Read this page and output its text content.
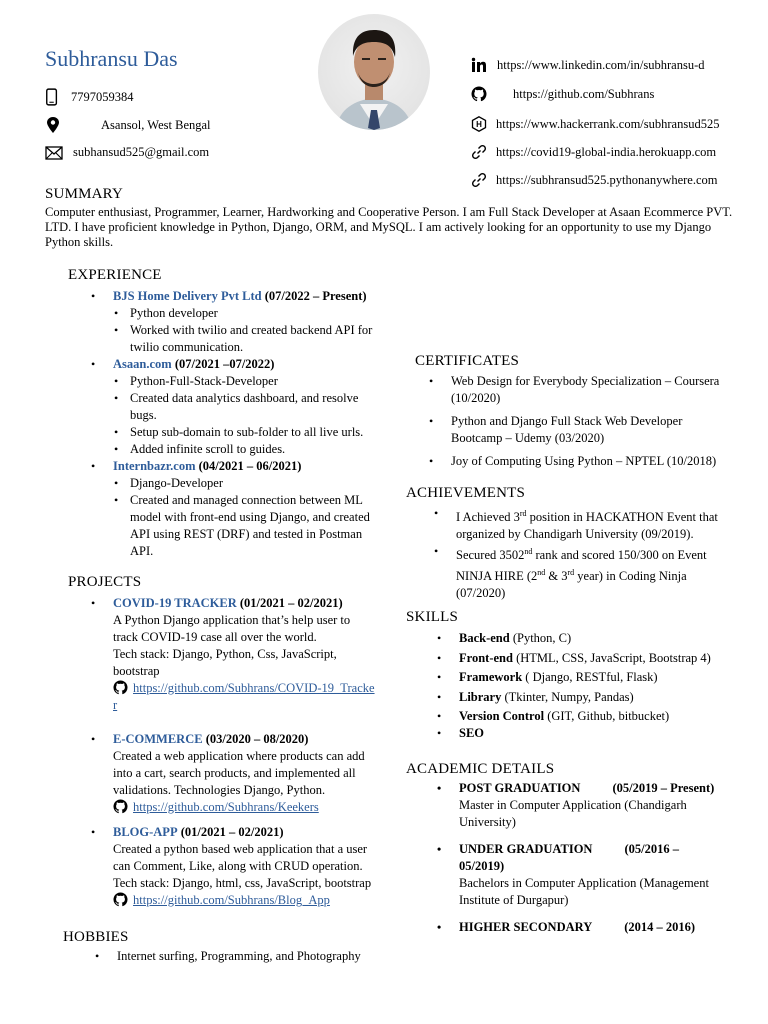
Subhransu Das
7797059384
Asansol, West Bengal
subhansud525@gmail.com
https://www.linkedin.com/in/subhransu-d
https://github.com/Subhrans
H https://www.hackerrank.com/subhransud525
https://covid19-global-india.herokuapp.com
https://subhransud525.pythonanywhere.com
SUMMARY
Computer enthusiast, Programmer, Learner, Hardworking and Cooperative Person. I am Full Stack Developer at Asaan Ecommerce PVT. LTD. I have proficient knowledge in Python, Django, ORM, and MySQL. I am actively looking for an opportunity to use my Django Python skills.
EXPERIENCE
• BJS Home Delivery Pvt Ltd (07/2022 – Present)
• Python developer
• Worked with twilio and created backend API for twilio communication.
• Asaan.com (07/2021 –07/2022)
• Python-Full-Stack-Developer
• Created data analytics dashboard, and resolve bugs.
• Setup sub-domain to sub-folder to all live urls.
• Added infinite scroll to guides.
• Internbazr.com (04/2021 – 06/2021)
• Django-Developer
• Created and managed connection between ML model with front-end using Django, and created API using REST (DRF) and tested in Postman API.
PROJECTS
• COVID-19 TRACKER (01/2021 – 02/2021)
A Python Django application that’s help user to track COVID-19 case all over the world.
Tech stack: Django, Python, Css, JavaScript, bootstrap
https://github.com/Subhrans/COVID-19_Tracker
• E-COMMERCE (03/2020 – 08/2020)
Created a web application where products can add into a cart, search products, and implemented all validations. Technologies Django, Python.
https://github.com/Subhrans/Keekers
• BLOG-APP (01/2021 – 02/2021)
Created a python based web application that a user can Comment, Like, along with CRUD operation.
Tech stack: Django, html, css, JavaScript, bootstrap
https://github.com/Subhrans/Blog_App
HOBBIES
• Internet surfing, Programming, and Photography
CERTIFICATES
• Web Design for Everybody Specialization – Coursera (10/2020)
• Python and Django Full Stack Web Developer Bootcamp – Udemy (03/2020)
• Joy of Computing Using Python – NPTEL (10/2018)
ACHIEVEMENTS
• I Achieved 3rd position in HACKATHON Event that organized by Chandigarh University (09/2019).
• Secured 3502nd rank and scored 150/300 on Event NINJA HIRE (2nd & 3rd year) in Coding Ninja (07/2020)
SKILLS
• Back-end (Python, C)
• Front-end (HTML, CSS, JavaScript, Bootstrap 4)
• Framework ( Django, RESTful, Flask)
• Library (Tkinter, Numpy, Pandas)
• Version Control (GIT, Github, bitbucket)
• SEO
ACADEMIC DETAILS
• POST GRADUATION	(05/2019 – Present)
Master in Computer Application (Chandigarh University)
• UNDER GRADUATION	(05/2016 – 05/2019)
Bachelors in Computer Application (Management Institute of Durgapur)
• HIGHER SECONDARY	(2014 – 2016)
